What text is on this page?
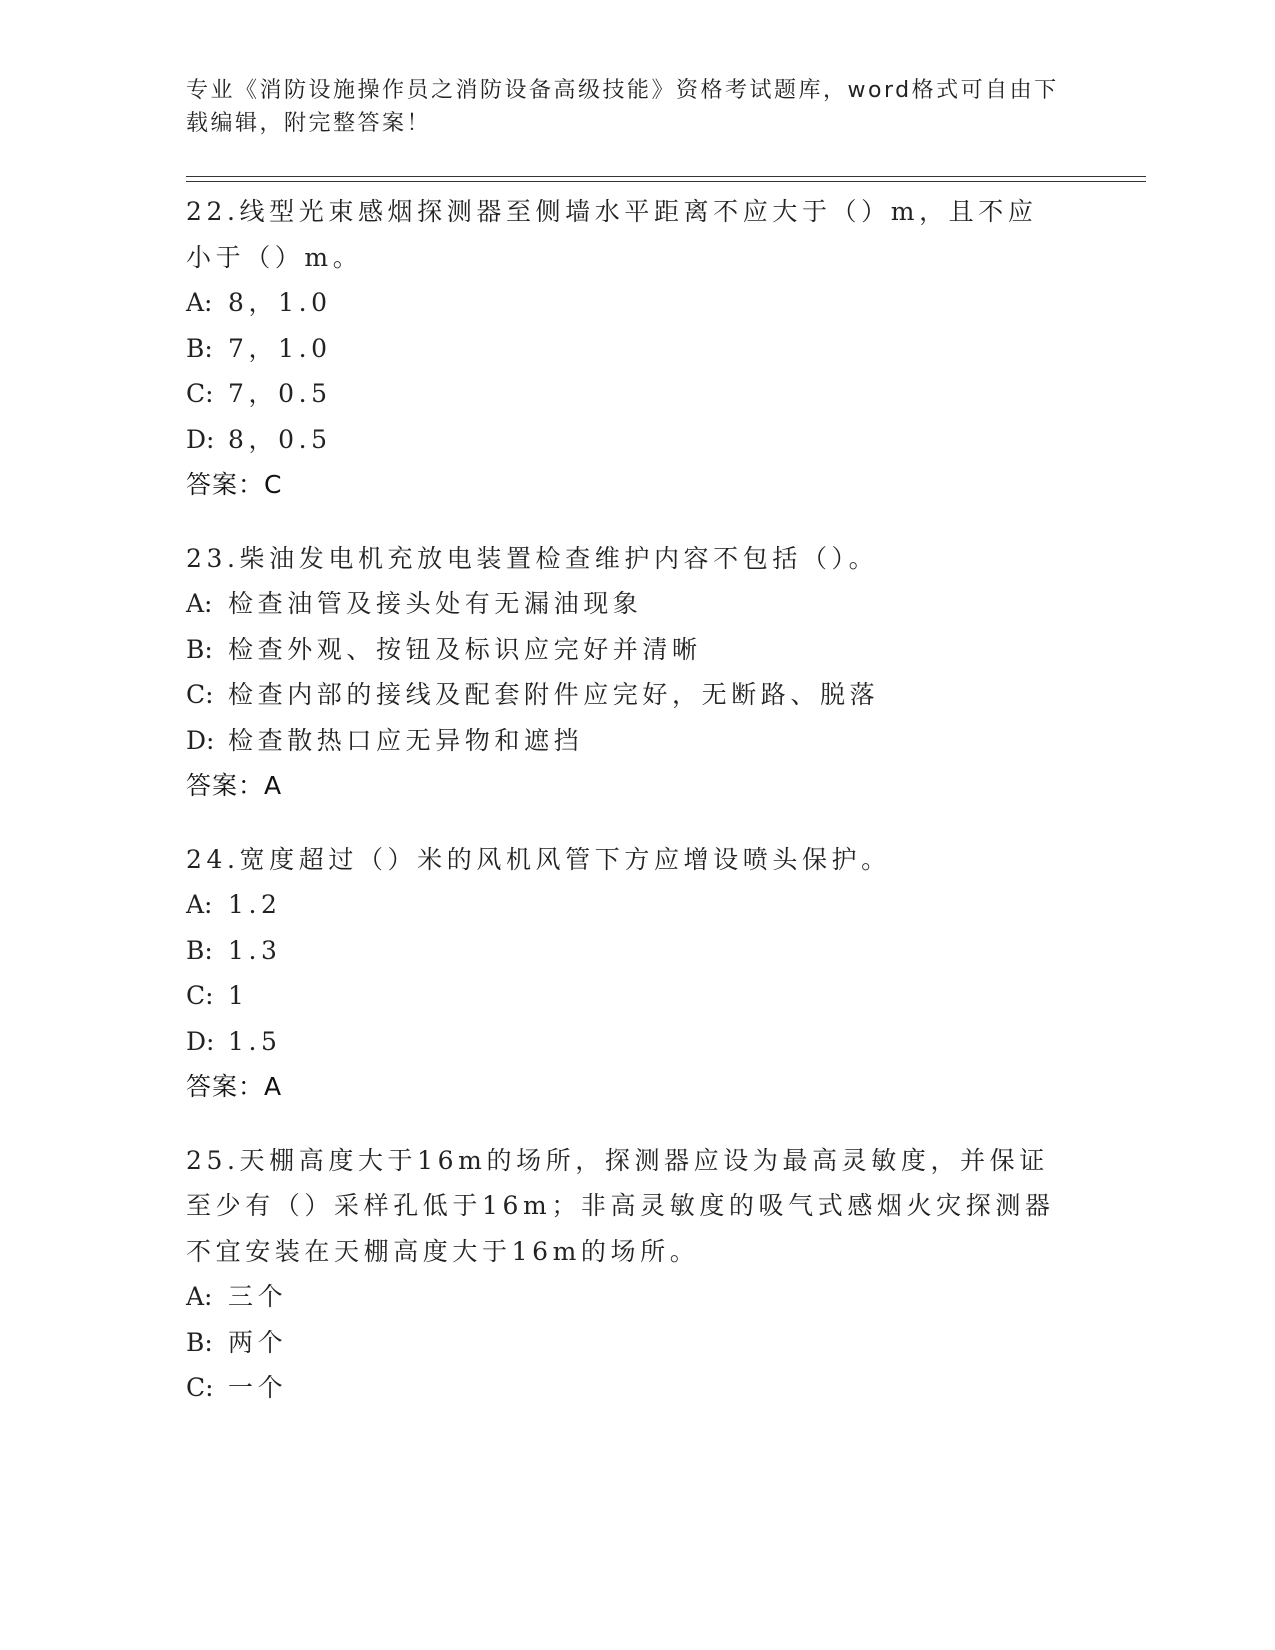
专业《消防设施操作员之消防设备高级技能》资格考试题库，word格式可自由下
载编辑，附完整答案！
22.线型光束感烟探测器至侧墙水平距离不应大于（）m，且不应小于（）m。
A: 8，1.0
B: 7，1.0
C: 7，0.5
D: 8，0.5
答案：C
23.柴油发电机充放电装置检查维护内容不包括（）。
A: 检查油管及接头处有无漏油现象
B: 检查外观、按钮及标识应完好并清晰
C: 检查内部的接线及配套附件应完好，无断路、脱落
D: 检查散热口应无异物和遮挡
答案：A
24.宽度超过（）米的风机风管下方应增设喷头保护。
A: 1.2
B: 1.3
C: 1
D: 1.5
答案：A
25.天棚高度大于16m的场所，探测器应设为最高灵敏度，并保证至少有（）采样孔低于16m；非高灵敏度的吸气式感烟火灾探测器不宜安装在天棚高度大于16m的场所。
A: 三个
B: 两个
C: 一个
